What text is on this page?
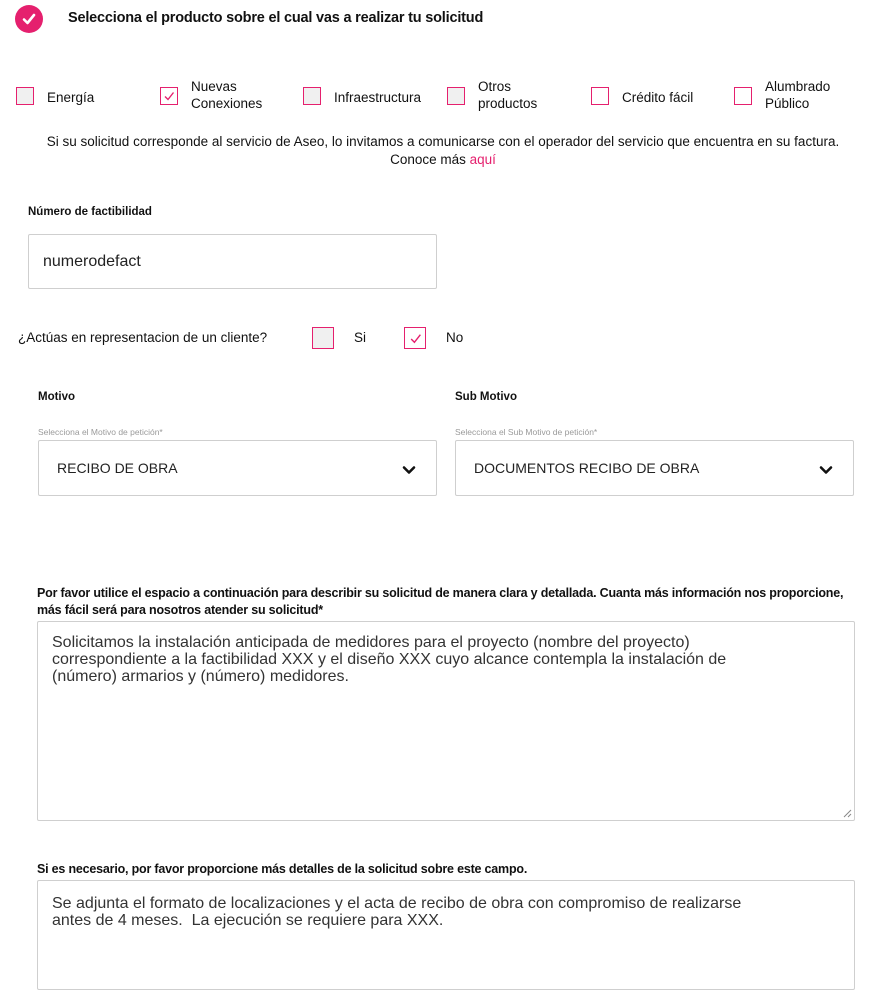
Selecciona el producto sobre el cual vas a realizar tu solicitud
Energía
Nuevas
Conexiones	Infraestructura
Otros
productos	Crédito fácil
Alumbrado
Público
Si su solicitud corresponde al servicio de Aseo, lo invitamos a comunicarse con el operador del servicio que encuentra en su factura. Conoce más aquí
Número de factibilidad
numerodefact
¿Actúas en representacion de un cliente?	Si	No
Motivo
Selecciona el Motivo de petición*
RECIBO DE OBRA
Sub Motivo
Selecciona el Sub Motivo de petición*
DOCUMENTOS RECIBO DE OBRA
Por favor utilice el espacio a continuación para describir su solicitud de manera clara y detallada. Cuanta más información nos proporcione, más fácil será para nosotros atender su solicitud*
Solicitamos la instalación anticipada de medidores para el proyecto (nombre del proyecto)
correspondiente a la factibilidad XXX y el diseño XXX cuyo alcance contempla la instalación de
(número) armarios y (número) medidores.
Si es necesario, por favor proporcione más detalles de la solicitud sobre este campo.
Se adjunta el formato de localizaciones y el acta de recibo de obra con compromiso de realizarse
antes de 4 meses.  La ejecución se requiere para XXX.
